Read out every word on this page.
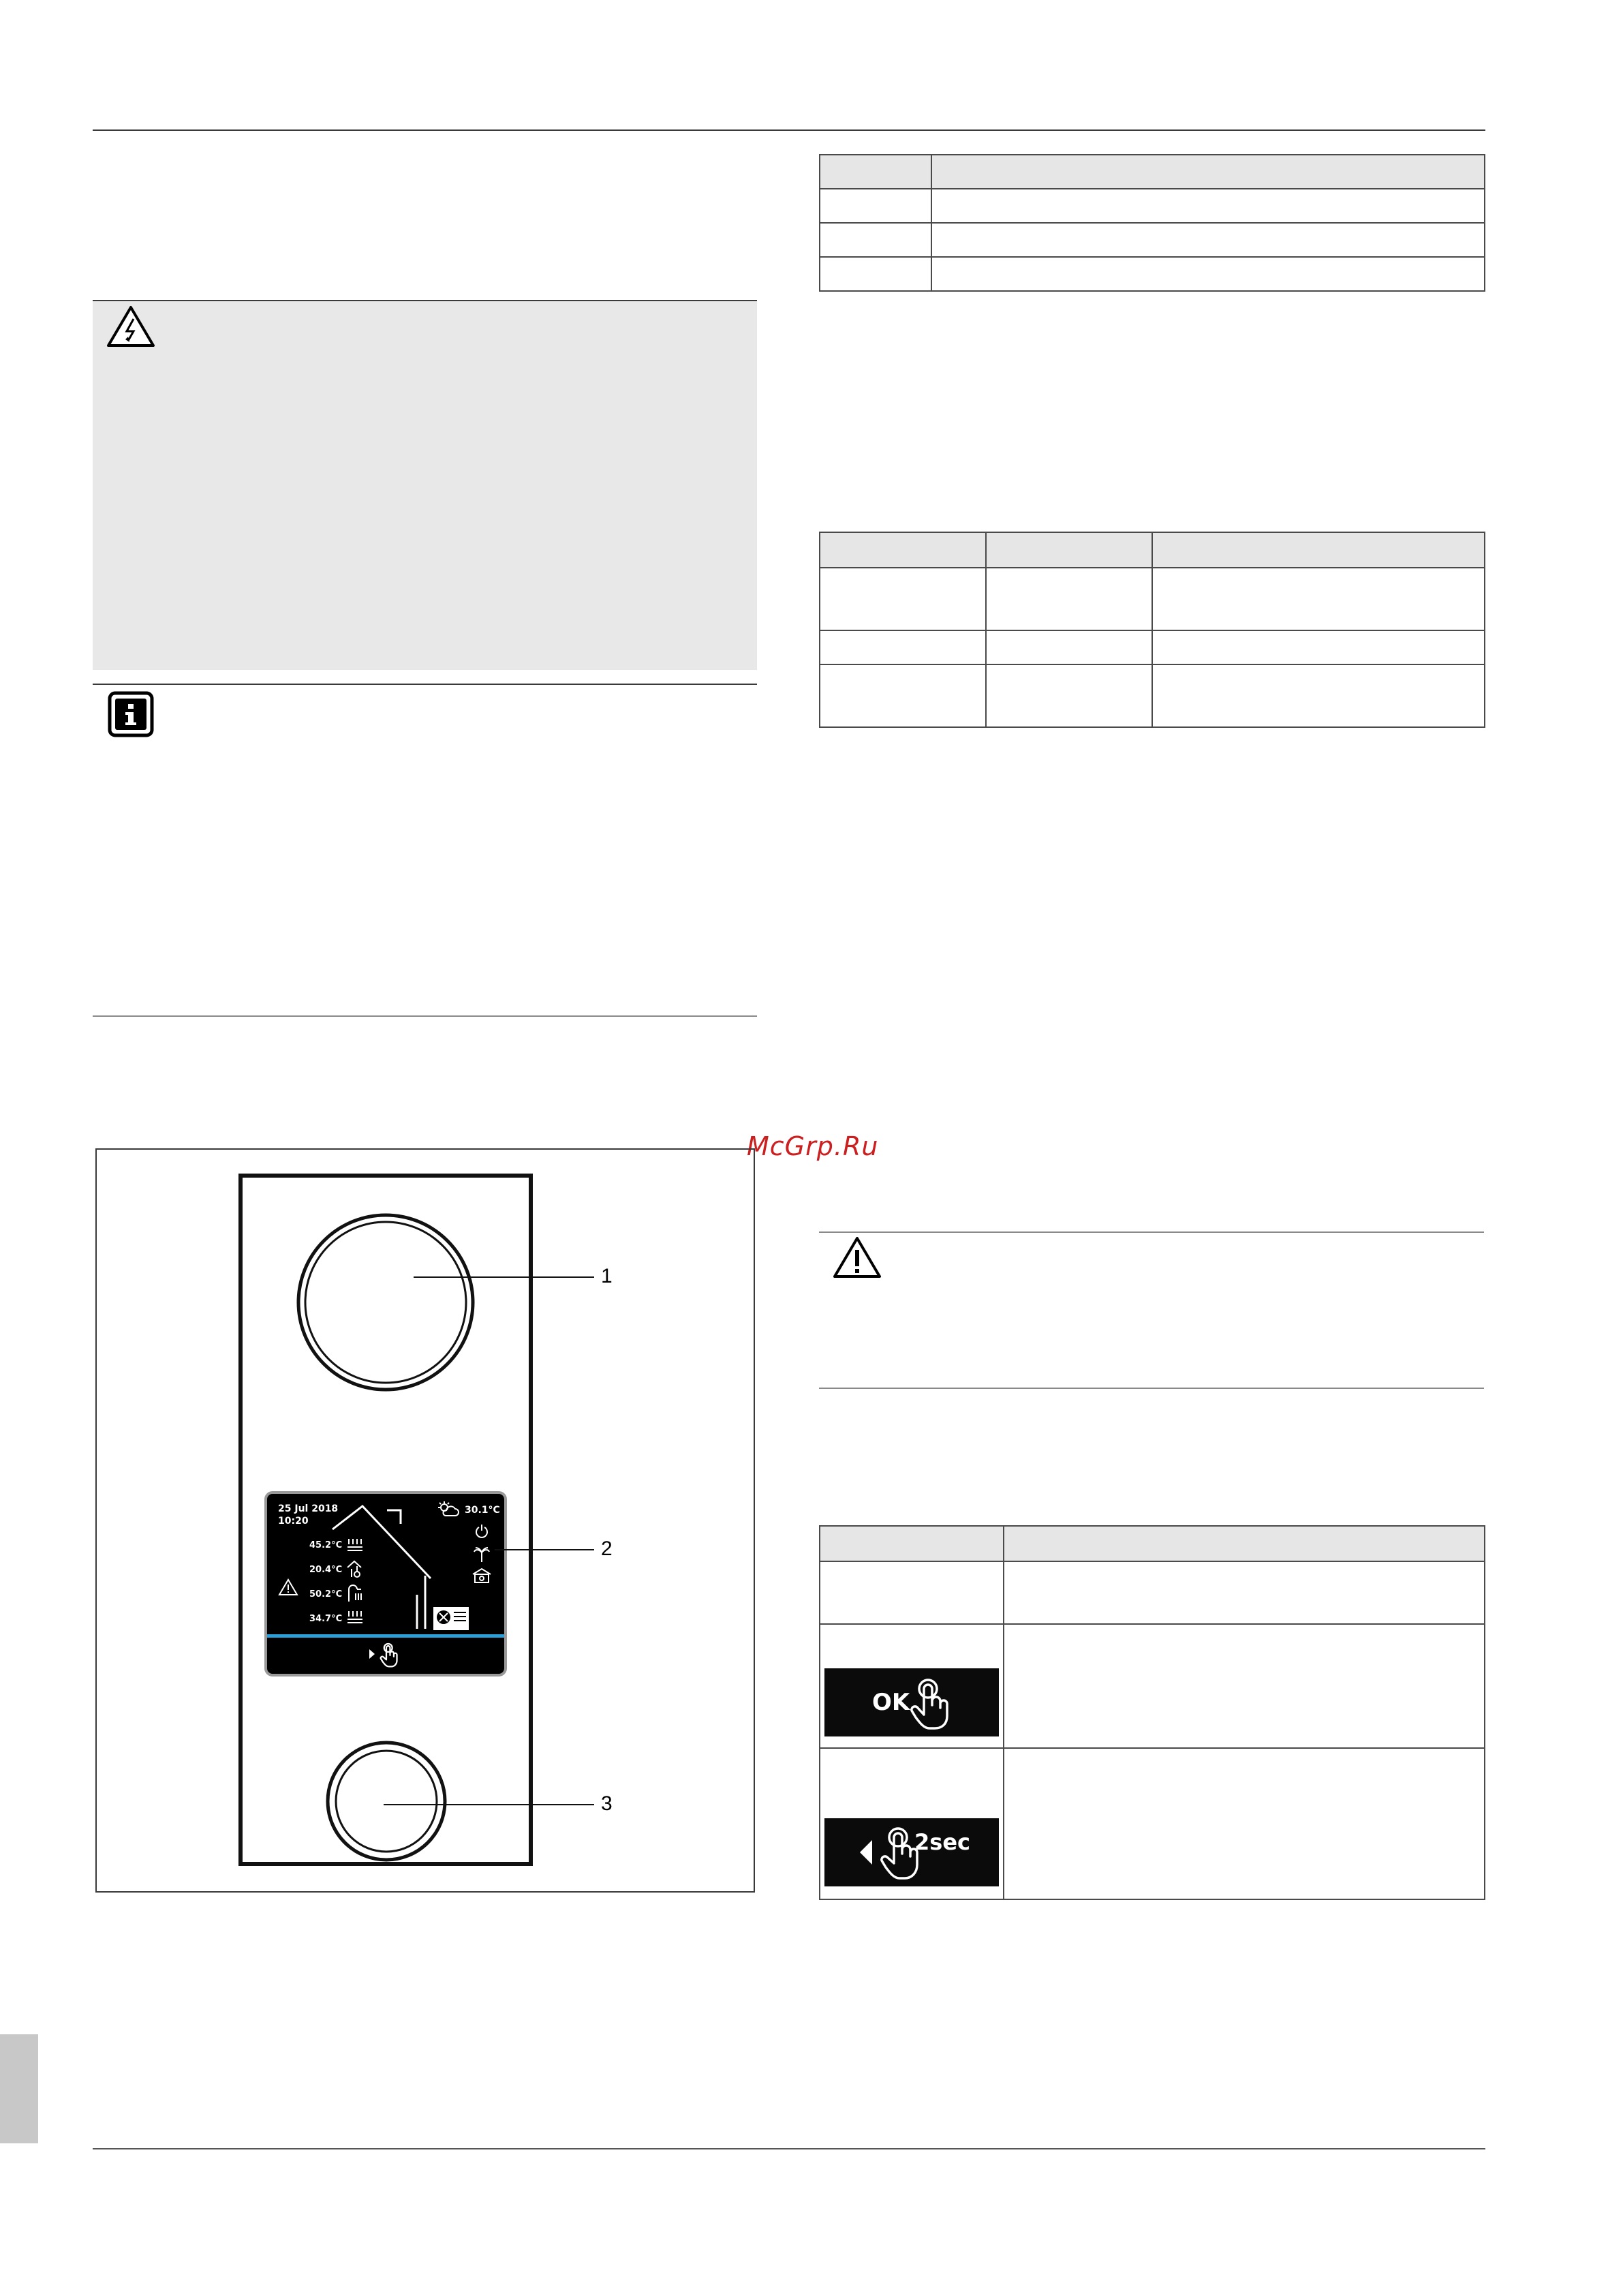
McGrp.Ru

OK
2sec
1
25 Jul 2018
10:20
30.1°C
45.2°C
20.4°C
50.2°C
34.7°C
2
3
